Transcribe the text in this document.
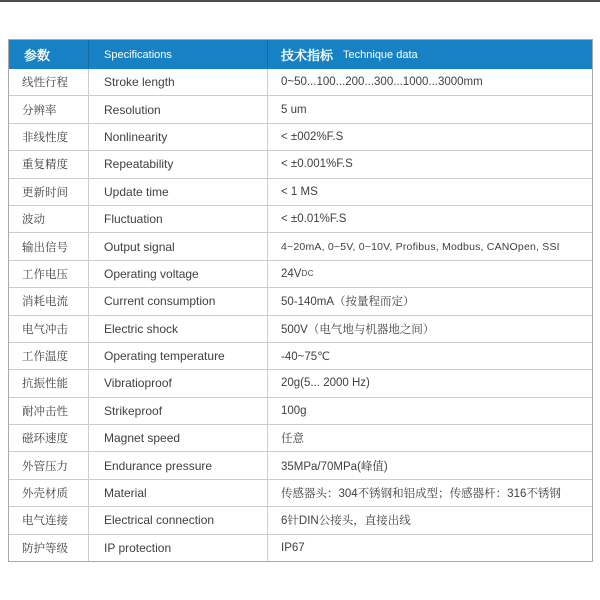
参数	Specifications	技术指标 Technique data
线性行程	Stroke length	0~50...100...200...300...1000...3000mm
分辨率	Resolution	5 um
非线性度	Nonlinearity	< ±002%F.S
重复精度	Repeatability	< ±0.001%F.S
更新时间	Update time	< 1 MS
波动	Fluctuation	< ±0.01%F.S
输出信号	Output signal	4~20mA, 0~5V, 0~10V, Profibus, Modbus, CANOpen, SSI
工作电压	Operating voltage	24V DC
消耗电流	Current consumption	50-140mA（按量程而定）
电气冲击	Electric shock	500V（电气地与机器地之间）
工作温度	Operating temperature	-40~75℃
抗振性能	Vibratioproof	20g(5... 2000 Hz)
耐冲击性	Strikeproof	100g
磁环速度	Magnet speed	任意
外管压力	Endurance pressure	35MPa/70MPa(峰值)
外壳材质	Material	传感器头：304不锈钢和铝成型；传感器杆：316不锈钢
电气连接	Electrical connection	6针DIN公接头，直接出线
防护等级	IP protection	IP67
